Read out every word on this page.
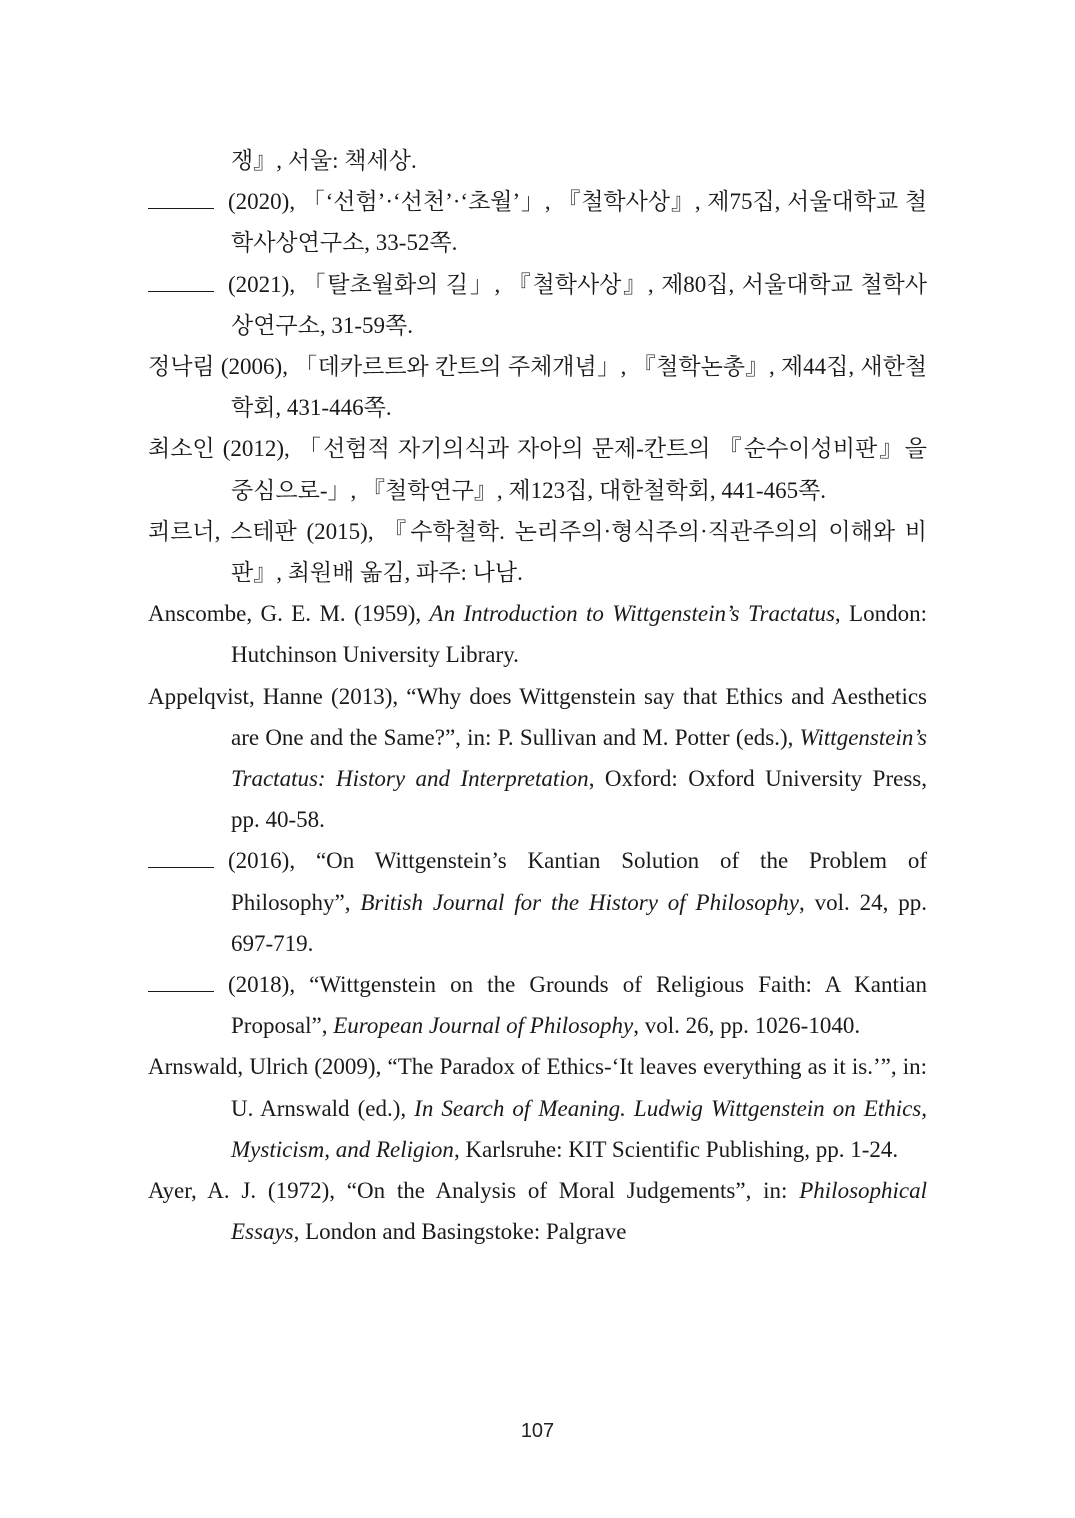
쟁』, 서울: 책세상.

(2020), 「‘선험’·‘선천’·‘초월’」, 『철학사상』, 제75집, 서울대학교 철학사상연구소, 33-52쪽.

(2021), 「탈초월화의 길」, 『철학사상』, 제80집, 서울대학교 철학사상연구소, 31-59쪽.

정낙림 (2006), 「데카르트와 칸트의 주체개념」, 『철학논총』, 제44집, 새한철학회, 431-446쪽.

최소인 (2012), 「선험적 자기의식과 자아의 문제-칸트의 『순수이성비판』을 중심으로-」, 『철학연구』, 제123집, 대한철학회, 441-465쪽.

쾨르너, 스테판 (2015), 『수학철학. 논리주의·형식주의·직관주의의 이해와 비판』, 최원배 옮김, 파주: 나남.

Anscombe, G. E. M. (1959), An Introduction to Wittgenstein’s Tractatus, London: Hutchinson University Library.

Appelqvist, Hanne (2013), “Why does Wittgenstein say that Ethics and Aesthetics are One and the Same?”, in: P. Sullivan and M. Potter (eds.), Wittgenstein’s Tractatus: History and Interpretation, Oxford: Oxford University Press, pp. 40-58.

(2016), “On Wittgenstein’s Kantian Solution of the Problem of Philosophy”, British Journal for the History of Philosophy, vol. 24, pp. 697-719.

(2018), “Wittgenstein on the Grounds of Religious Faith: A Kantian Proposal”, European Journal of Philosophy, vol. 26, pp. 1026-1040.

Arnswald, Ulrich (2009), “The Paradox of Ethics-‘It leaves everything as it is.’”, in: U. Arnswald (ed.), In Search of Meaning. Ludwig Wittgenstein on Ethics, Mysticism, and Religion, Karlsruhe: KIT Scientific Publishing, pp. 1-24.

Ayer, A. J. (1972), “On the Analysis of Moral Judgements”, in: Philosophical Essays, London and Basingstoke: Palgrave

107
